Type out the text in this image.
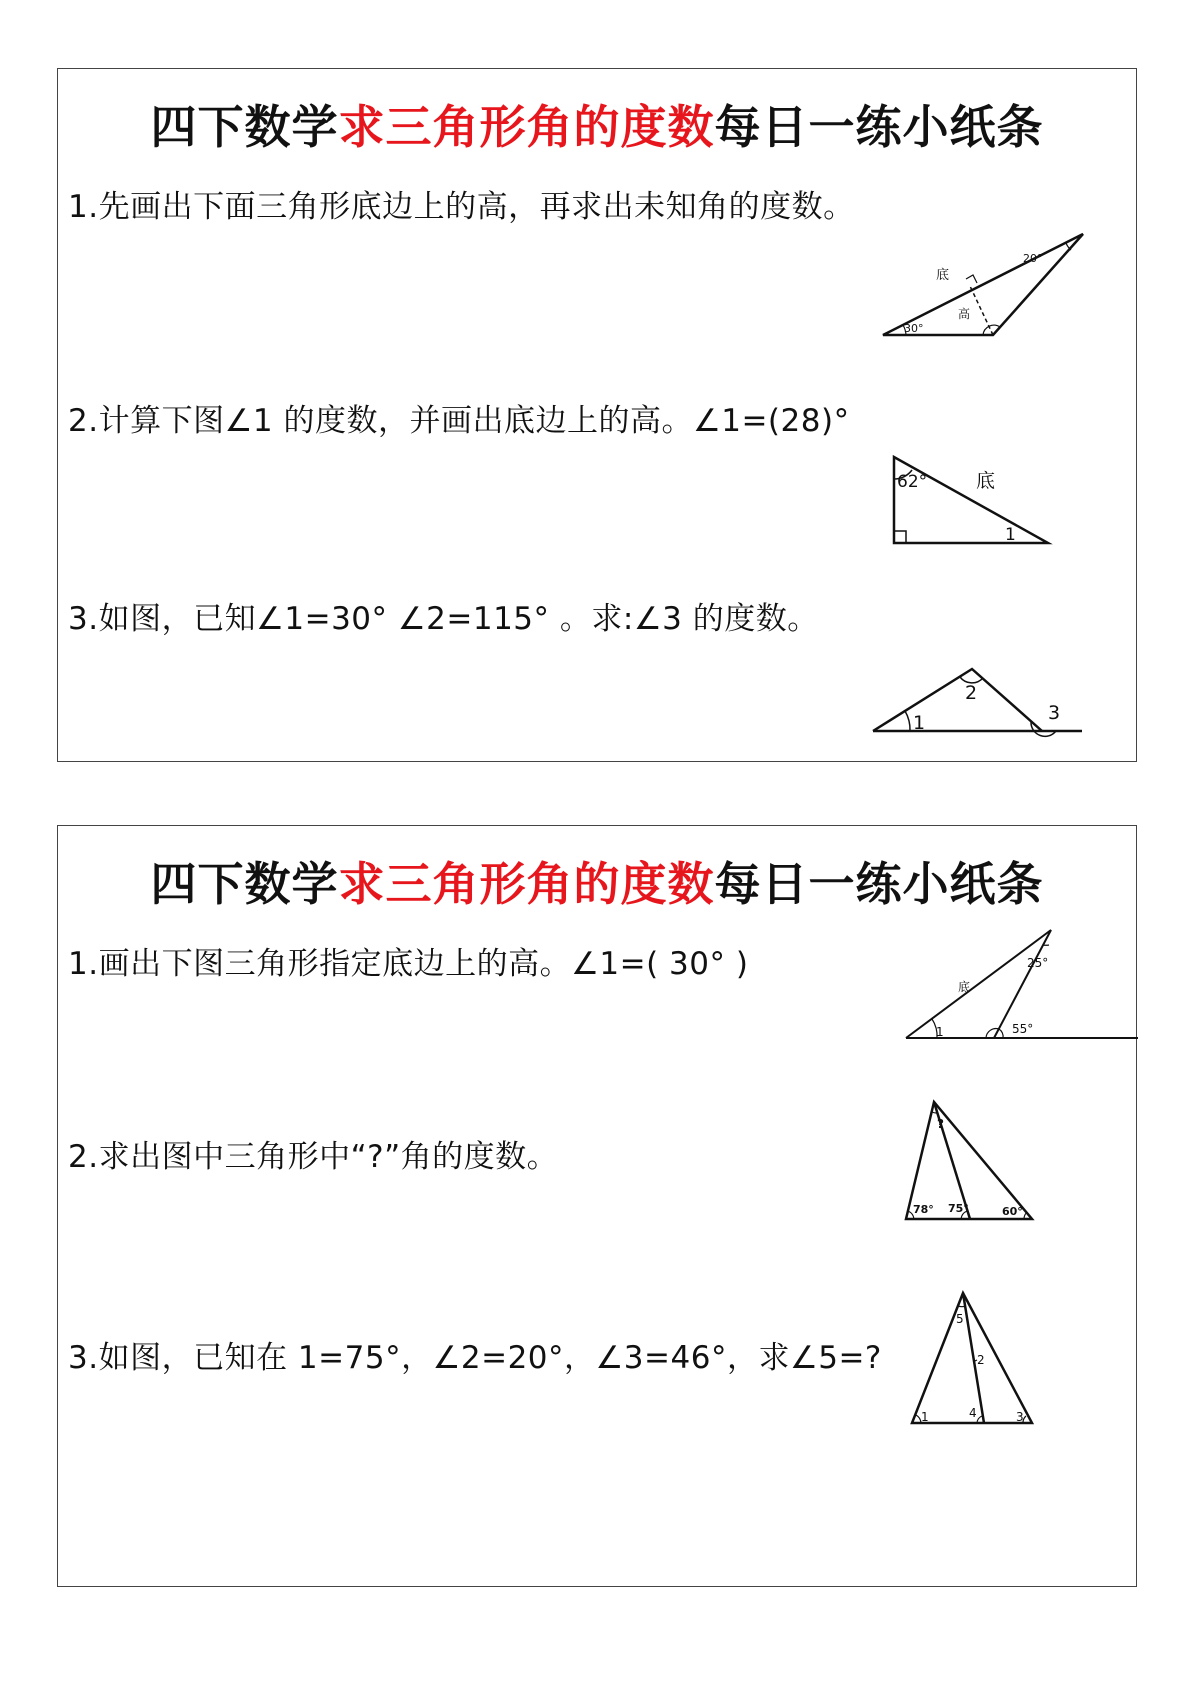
四下数学求三角形角的度数每日一练小纸条
1.先画出下面三角形底边上的高，再求出未知角的度数。
2.计算下图∠1 的度数，并画出底边上的高。∠1=(28)°
3.如图，已知∠1=30° ∠2=115° 。求:∠3 的度数。
底
高
30°
20°
62°	底
1
1
2
3
四下数学求三角形角的度数每日一练小纸条
1.画出下图三角形指定底边上的高。∠1=( 30° )
2.求出图中三角形中“?”角的度数。
3.如图，已知在 1=75°，∠2=20°，∠3=46°，求∠5=?
底
25°
55°
1
?
78° 75°	60°
1
2
3
4
5
